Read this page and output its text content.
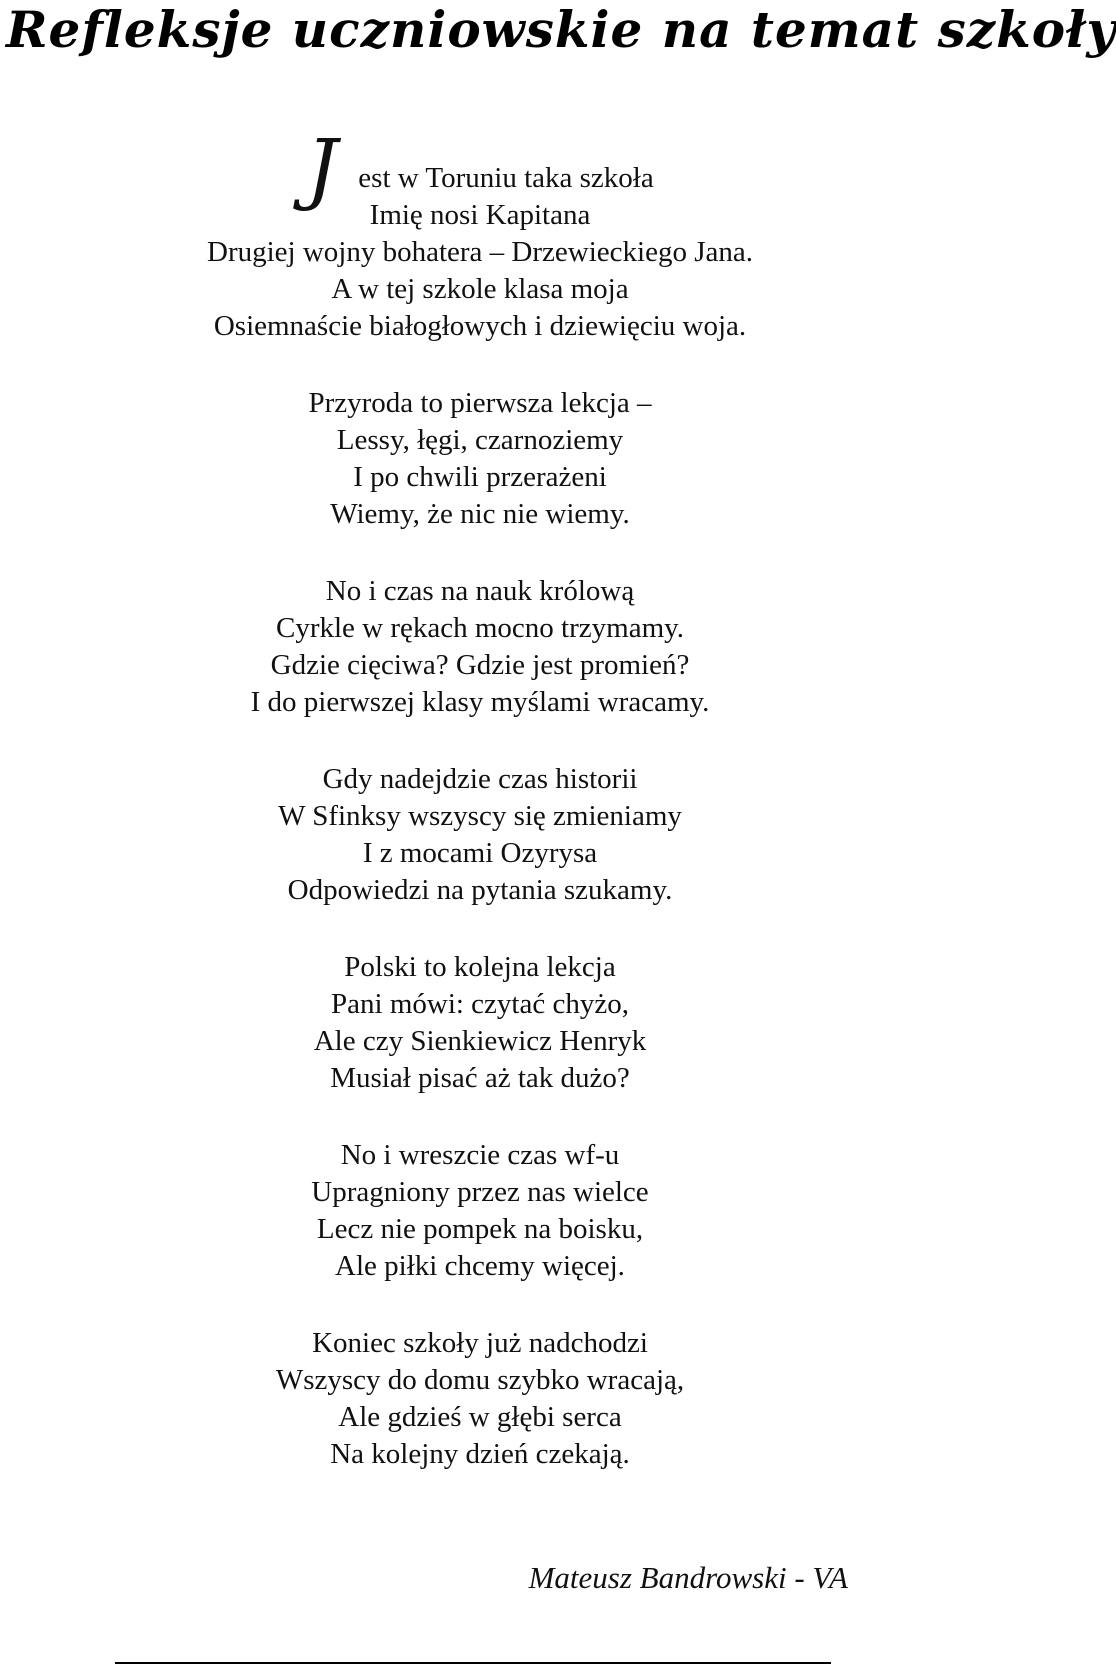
Refleksje uczniowskie na temat szkoły
J est w Toruniu taka szkoła
Imię nosi Kapitana
Drugiej wojny bohatera – Drzewieckiego Jana.
A w tej szkole klasa moja
Osiemnaście białogłowych i dziewięciu woja.
Przyroda to pierwsza lekcja –
Lessy, łęgi, czarnoziemy
I po chwili przerażeni
Wiemy, że nic nie wiemy.
No i czas na nauk królową
Cyrkle w rękach mocno trzymamy.
Gdzie cięciwa? Gdzie jest promień?
I do pierwszej klasy myślami wracamy.
Gdy nadejdzie czas historii
W Sfinksy wszyscy się zmieniamy
I z mocami Ozyrysa
Odpowiedzi na pytania szukamy.
Polski to kolejna lekcja
Pani mówi: czytać chyżo,
Ale czy Sienkiewicz Henryk
Musiał pisać aż tak dużo?
No i wreszcie czas wf-u
Upragniony przez nas wielce
Lecz nie pompek na boisku,
Ale piłki chcemy więcej.
Koniec szkoły już nadchodzi
Wszyscy do domu szybko wracają,
Ale gdzieś w głębi serca
Na kolejny dzień czekają.
Mateusz Bandrowski - VA
